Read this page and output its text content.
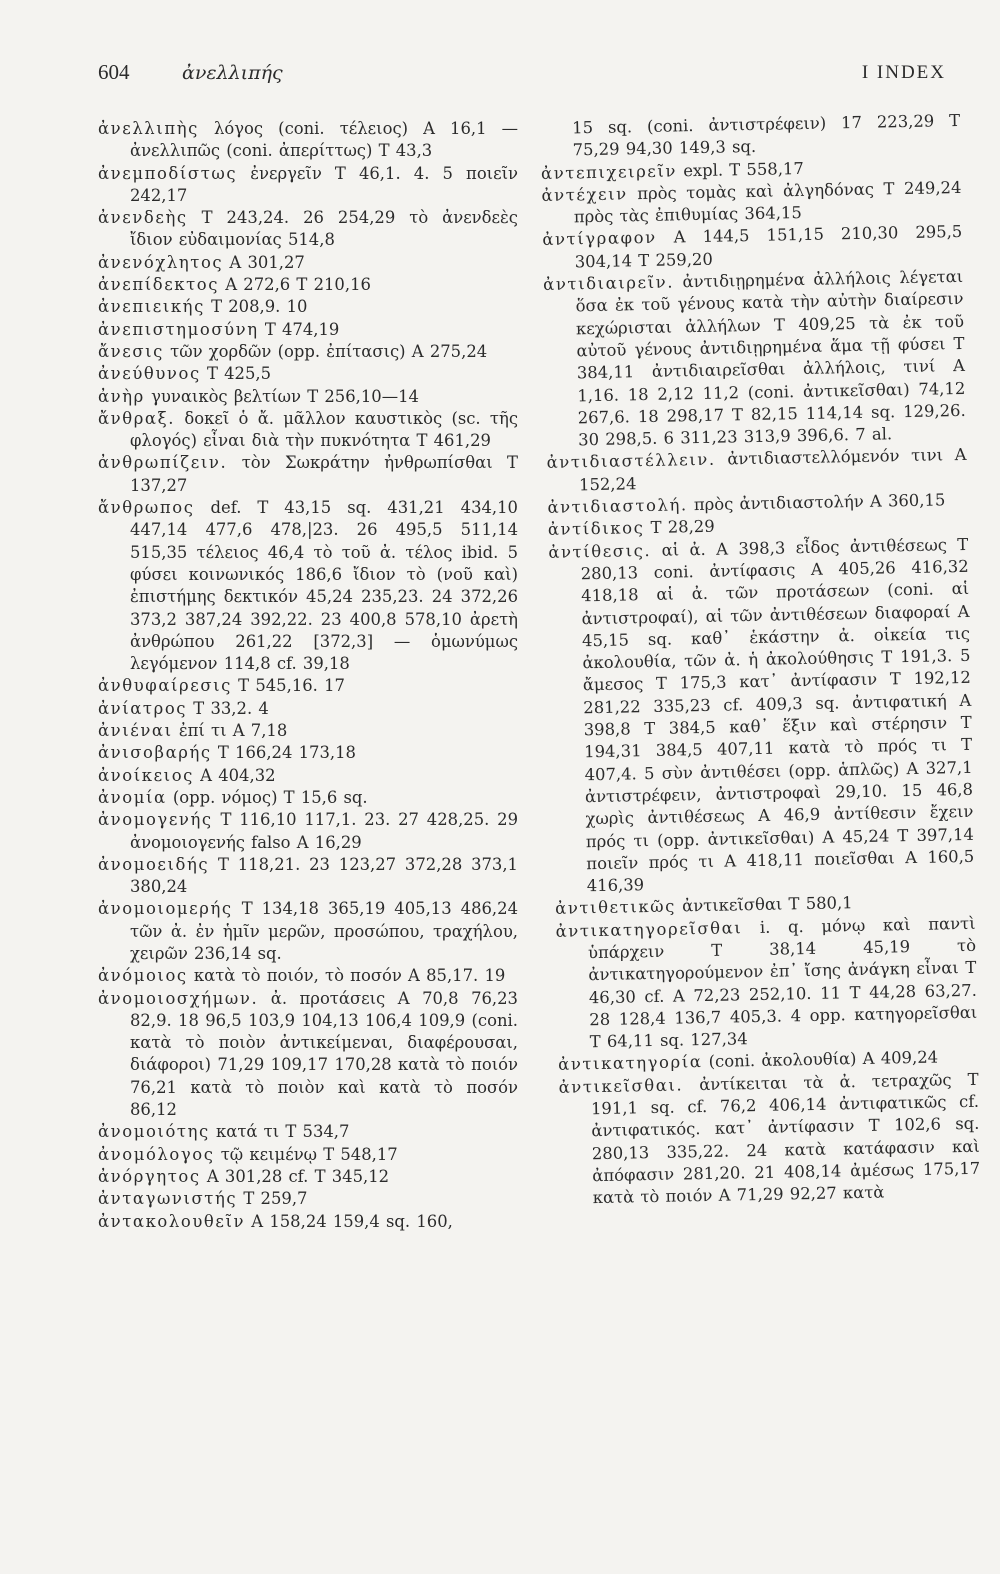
604	ἀνελλιπής	I INDEX
ἀνελλιπὴς λόγος (coni. τέλειος) A 16,1 — ἀνελλιπῶς (coni. ἀπερίττως) T 43,3
ἀνεμποδίστως ἐνεργεῖν T 46,1. 4. 5 ποιεῖν 242,17
ἀνενδεὴς T 243,24. 26 254,29 τὸ ἀνενδεὲς ἴδιον εὐδαιμονίας 514,8
ἀνενόχλητος A 301,27
ἀνεπίδεκτος A 272,6 T 210,16
ἀνεπιεικής T 208,9. 10
ἀνεπιστημοσύνη T 474,19
ἄνεσις τῶν χορδῶν (opp. ἐπίτασις) A 275,24
ἀνεύθυνος T 425,5
ἀνὴρ γυναικὸς βελτίων T 256,10—14
ἄνθραξ. δοκεῖ ὁ ἄ. μᾶλλον καυστικὸς (sc. τῆς φλογός) εἶναι διὰ τὴν πυκνότητα T 461,29
ἀνθρωπίζειν. τὸν Σωκράτην ἠνθρωπίσθαι T 137,27
ἄνθρωπος def. T 43,15 sq. 431,21 434,10 447,14 477,6 478,|23. 26 495,5 511,14 515,35 τέλειος 46,4 τὸ τοῦ ἀ. τέλος ibid. 5 φύσει κοινωνικός 186,6 ἴδιον τὸ (νοῦ καὶ) ἐπιστήμης δεκτικόν 45,24 235,23. 24 372,26 373,2 387,24 392,22. 23 400,8 578,10 ἀρετὴ ἀνθρώπου 261,22 [372,3] — ὁμωνύμως λεγόμενον 114,8 cf. 39,18
ἀνθυφαίρεσις T 545,16. 17
ἀνίατρος T 33,2. 4
ἀνιέναι ἐπί τι A 7,18
ἀνισοβαρής T 166,24 173,18
ἀνοίκειος A 404,32
ἀνομία (opp. νόμος) T 15,6 sq.
ἀνομογενής T 116,10 117,1. 23. 27 428,25. 29 ἀνομοιογενής falso A 16,29
ἀνομοειδής T 118,21. 23 123,27 372,28 373,1 380,24
ἀνομοιομερής T 134,18 365,19 405,13 486,24 τῶν ἀ. ἐν ἡμῖν μερῶν, προσώπου, τραχήλου, χειρῶν 236,14 sq.
ἀνόμοιος κατὰ τὸ ποιόν, τὸ ποσόν A 85,17. 19
ἀνομοιοσχήμων. ἀ. προτάσεις A 70,8 76,23 82,9. 18 96,5 103,9 104,13 106,4 109,9 (coni. κατὰ τὸ ποιὸν ἀντικείμεναι, διαφέρουσαι, διάφοροι) 71,29 109,17 170,28 κατὰ τὸ ποιόν 76,21 κατὰ τὸ ποιὸν καὶ κατὰ τὸ ποσόν 86,12
ἀνομοιότης κατά τι T 534,7
ἀνομόλογος τῷ κειμένῳ T 548,17
ἀνόργητος A 301,28 cf. T 345,12
ἀνταγωνιστής T 259,7
ἀντακολουθεῖν A 158,24 159,4 sq. 160,
15 sq. (coni. ἀντιστρέφειν) 17 223,29 T 75,29 94,30 149,3 sq.
ἀντεπιχειρεῖν expl. T 558,17
ἀντέχειν πρὸς τομὰς καὶ ἀλγηδόνας T 249,24 πρὸς τὰς ἐπιθυμίας 364,15
ἀντίγραφον A 144,5 151,15 210,30 295,5 304,14 T 259,20
ἀντιδιαιρεῖν. ἀντιδιῃρημένα ἀλλήλοις λέγεται ὅσα ἐκ τοῦ γένους κατὰ τὴν αὐτὴν διαίρεσιν κεχώρισται ἀλλήλων T 409,25 τὰ ἐκ τοῦ αὐτοῦ γένους ἀντιδιῃρημένα ἅμα τῇ φύσει T 384,11 ἀντιδιαιρεῖσθαι ἀλλήλοις, τινί A 1,16. 18 2,12 11,2 (coni. ἀντικεῖσθαι) 74,12 267,6. 18 298,17 T 82,15 114,14 sq. 129,26. 30 298,5. 6 311,23 313,9 396,6. 7 al.
ἀντιδιαστέλλειν. ἀντιδιαστελλόμενόν τινι A 152,24
ἀντιδιαστολή. πρὸς ἀντιδιαστολήν A 360,15
ἀντίδικος T 28,29
ἀντίθεσις. αἱ ἀ. A 398,3 εἶδος ἀντιθέσεως T 280,13 coni. ἀντίφασις A 405,26 416,32 418,18 αἱ ἀ. τῶν προτάσεων (coni. αἱ ἀντιστροφαί), αἱ τῶν ἀντιθέσεων διαφοραί A 45,15 sq. καθ᾽ ἑκάστην ἀ. οἰκεία τις ἀκολουθία, τῶν ἀ. ἡ ἀκολούθησις T 191,3. 5 ἄμεσος T 175,3 κατ᾽ ἀντίφασιν T 192,12 281,22 335,23 cf. 409,3 sq. ἀντιφατική A 398,8 T 384,5 καθ᾽ ἕξιν καὶ στέρησιν T 194,31 384,5 407,11 κατὰ τὸ πρός τι T 407,4. 5 σὺν ἀντιθέσει (opp. ἁπλῶς) A 327,1 ἀντιστρέφειν, ἀντιστροφαὶ 29,10. 15 46,8 χωρὶς ἀντιθέσεως A 46,9 ἀντίθεσιν ἔχειν πρός τι (opp. ἀντικεῖσθαι) A 45,24 T 397,14 ποιεῖν πρός τι A 418,11 ποιεῖσθαι A 160,5 416,39
ἀντιθετικῶς ἀντικεῖσθαι T 580,1
ἀντικατηγορεῖσθαι i. q. μόνῳ καὶ παντὶ ὑπάρχειν T 38,14 45,19 τὸ ἀντικατηγορούμενον ἐπ᾽ ἴσης ἀνάγκη εἶναι T 46,30 cf. A 72,23 252,10. 11 T 44,28 63,27. 28 128,4 136,7 405,3. 4 opp. κατηγορεῖσθαι T 64,11 sq. 127,34
ἀντικατηγορία (coni. ἀκολουθία) A 409,24
ἀντικεῖσθαι. ἀντίκειται τὰ ἀ. τετραχῶς T 191,1 sq. cf. 76,2 406,14 ἀντιφατικῶς cf. ἀντιφατικός. κατ᾽ ἀντίφασιν T 102,6 sq. 280,13 335,22. 24 κατὰ κατάφασιν καὶ ἀπόφασιν 281,20. 21 408,14 ἀμέσως 175,17 κατὰ τὸ ποιόν A 71,29 92,27 κατὰ
